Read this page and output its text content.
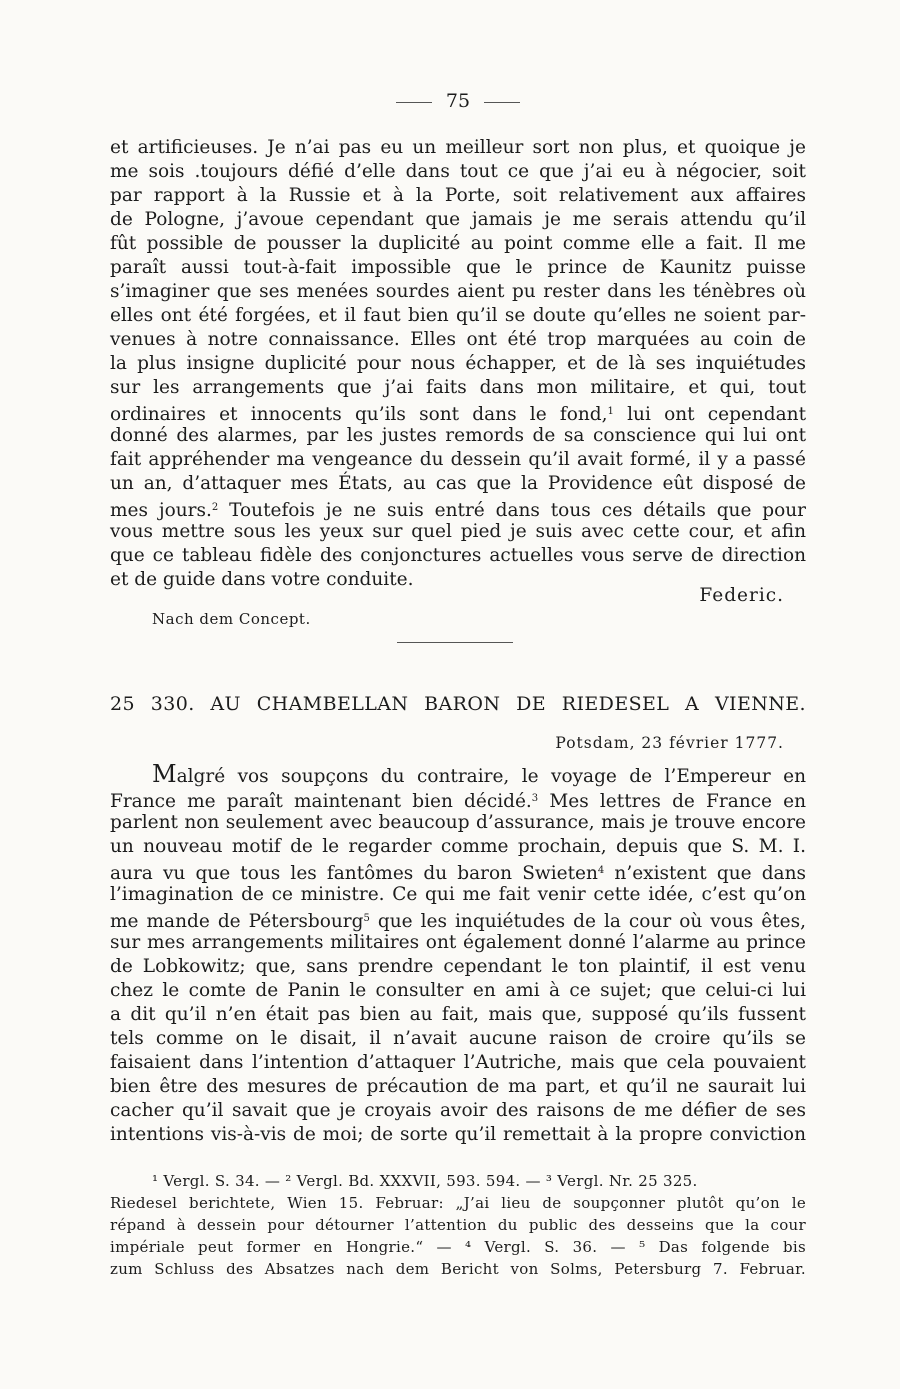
75
et artificieuses. Je n’ai pas eu un meilleur sort non plus, et quoique je
me sois .toujours défié d’elle dans tout ce que j’ai eu à négocier, soit
par rapport à la Russie et à la Porte, soit relativement aux affaires
de Pologne, j’avoue cependant que jamais je me serais attendu qu’il
fût possible de pousser la duplicité au point comme elle a fait. Il me
paraît aussi tout-à-fait impossible que le prince de Kaunitz puisse
s’imaginer que ses menées sourdes aient pu rester dans les ténèbres où
elles ont été forgées, et il faut bien qu’il se doute qu’elles ne soient par-
venues à notre connaissance. Elles ont été trop marquées au coin de
la plus insigne duplicité pour nous échapper, et de là ses inquiétudes
sur les arrangements que j’ai faits dans mon militaire, et qui, tout
ordinaires et innocents qu’ils sont dans le fond,$^1$ lui ont cependant
donné des alarmes, par les justes remords de sa conscience qui lui ont
fait appréhender ma vengeance du dessein qu’il avait formé, il y a passé
un an, d’attaquer mes États, au cas que la Providence eût disposé de
mes jours.$^2$ Toutefois je ne suis entré dans tous ces détails que pour
vous mettre sous les yeux sur quel pied je suis avec cette cour, et afin
que ce tableau fidèle des conjonctures actuelles vous serve de direction
et de guide dans votre conduite.
Federic.
Nach dem Concept.
25 330. AU CHAMBELLAN BARON DE RIEDESEL A VIENNE.
Potsdam, 23 février 1777.
Malgré vos soupçons du contraire, le voyage de l’Empereur en
France me paraît maintenant bien décidé.$^3$ Mes lettres de France en
parlent non seulement avec beaucoup d’assurance, mais je trouve encore
un nouveau motif de le regarder comme prochain, depuis que S. M. I.
aura vu que tous les fantômes du baron Swieten$^4$ n’existent que dans
l’imagination de ce ministre. Ce qui me fait venir cette idée, c’est qu’on
me mande de Pétersbourg$^5$ que les inquiétudes de la cour où vous êtes,
sur mes arrangements militaires ont également donné l’alarme au prince
de Lobkowitz; que, sans prendre cependant le ton plaintif, il est venu
chez le comte de Panin le consulter en ami à ce sujet; que celui-ci lui
a dit qu’il n’en était pas bien au fait, mais que, supposé qu’ils fussent
tels comme on le disait, il n’avait aucune raison de croire qu’ils se
faisaient dans l’intention d’attaquer l’Autriche, mais que cela pouvaient
bien être des mesures de précaution de ma part, et qu’il ne saurait lui
cacher qu’il savait que je croyais avoir des raisons de me défier de ses
intentions vis-à-vis de moi; de sorte qu’il remettait à la propre conviction
¹ Vergl. S. 34. — ² Vergl. Bd. XXXVII, 593. 594. — ³ Vergl. Nr. 25 325.
Riedesel berichtete, Wien 15. Februar: „J’ai lieu de soupçonner plutôt qu’on le
répand à dessein pour détourner l’attention du public des desseins que la cour
impériale peut former en Hongrie.“ — ⁴ Vergl. S. 36. — ⁵ Das folgende bis
zum Schluss des Absatzes nach dem Bericht von Solms, Petersburg 7. Februar.
